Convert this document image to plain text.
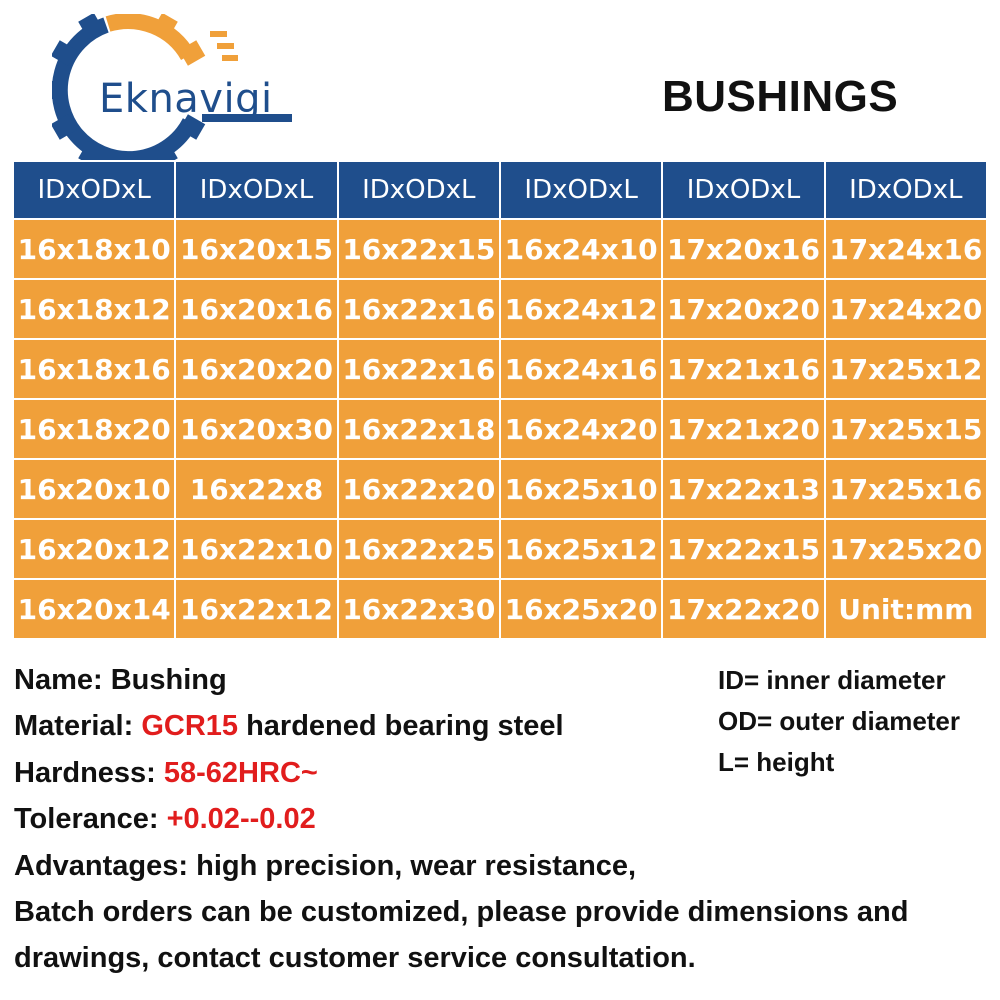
Eknavigi	BUSHINGS
IDxODxL	IDxODxL	IDxODxL	IDxODxL	IDxODxL	IDxODxL
16x18x10	16x20x15	16x22x15	16x24x10	17x20x16	17x24x16
16x18x12	16x20x16	16x22x16	16x24x12	17x20x20	17x24x20
16x18x16	16x20x20	16x22x16	16x24x16	17x21x16	17x25x12
16x18x20	16x20x30	16x22x18	16x24x20	17x21x20	17x25x15
16x20x10	16x22x8	16x22x20	16x25x10	17x22x13	17x25x16
16x20x12	16x22x10	16x22x25	16x25x12	17x22x15	17x25x20
16x20x14	16x22x12	16x22x30	16x25x20	17x22x20	Unit:mm
Name: Bushing
Material: GCR15 hardened bearing steel
Hardness: 58-62HRC~
Tolerance: +0.02--0.02
Advantages: high precision, wear resistance,
Batch orders can be customized, please provide dimensions and
drawings, contact customer service consultation.
ID= inner diameter
OD= outer diameter
L= height
